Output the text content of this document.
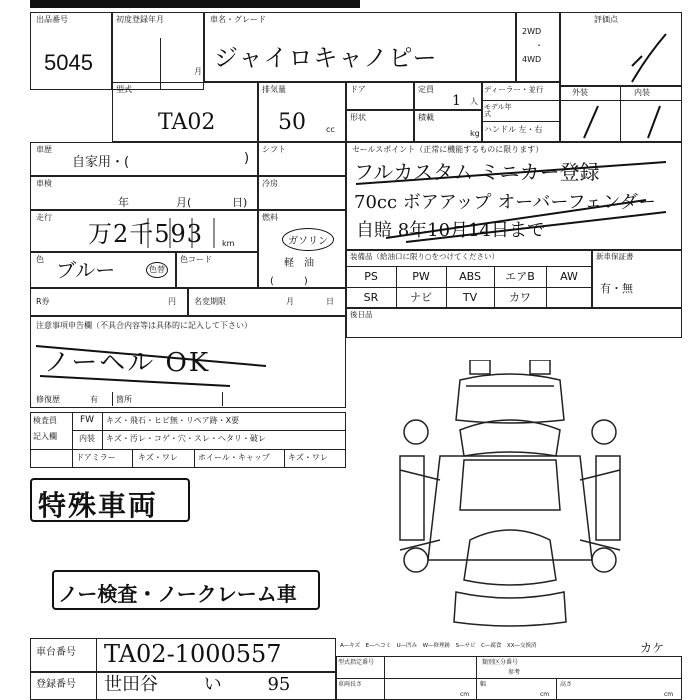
出品番号
5045
初度登録年月
月
車名・グレード
ジャイロキャノピー
2WD
・
4WD
評価点
型式
TA02
排気量
50	cc
ドア	定員
1 人
ディーラー・並行
モデル年式
ハンドル 左・右
形状	積載
kg
外装	内装
車歴
自家用・(	)
シフト	セールスポイント（正常に機能するものに限ります）
フルカスタム ミニカー登録
70cc ボアアップ オーバーフェンダー
自賠 8年10月14日まで
車検
年	月(	日)
冷房
走行
万2千593 km
燃料
ガソリン
軽　油
(　　　)
色 ブルー	色替
色コード	装備品（給油口に限り○をつけてください）
PS	PW	ABS	エアB	AW
SR	ナビ	TV	カワ
新車保証書
有・無
R券	円 名変期限	月	日
後日品
注意事項申告欄（不具合内容等は具体的に記入して下さい）
ノーヘル OK
修復歴	有 箇所
検査員
記入欄
FW	キズ・飛石・ヒビ無・リペア跡・X要
内装	キズ・汚レ・コゲ・穴・スレ・ヘタリ・破レ
ドアミラー	キズ・ワレ	ホイール・キャップ キズ・ワレ
特殊車両
ノー検査・ノークレーム車
車台番号 TA02-1000557
登録番号 世田谷 い 95
A―キズ　E―ヘコミ　U―凹み　W―修理跡　S―サビ　C―腐食　XX―交換済	カケ
型式指定番号	類別区分番号
参考
車両長さ	幅	高さ
cm	cm	cm
